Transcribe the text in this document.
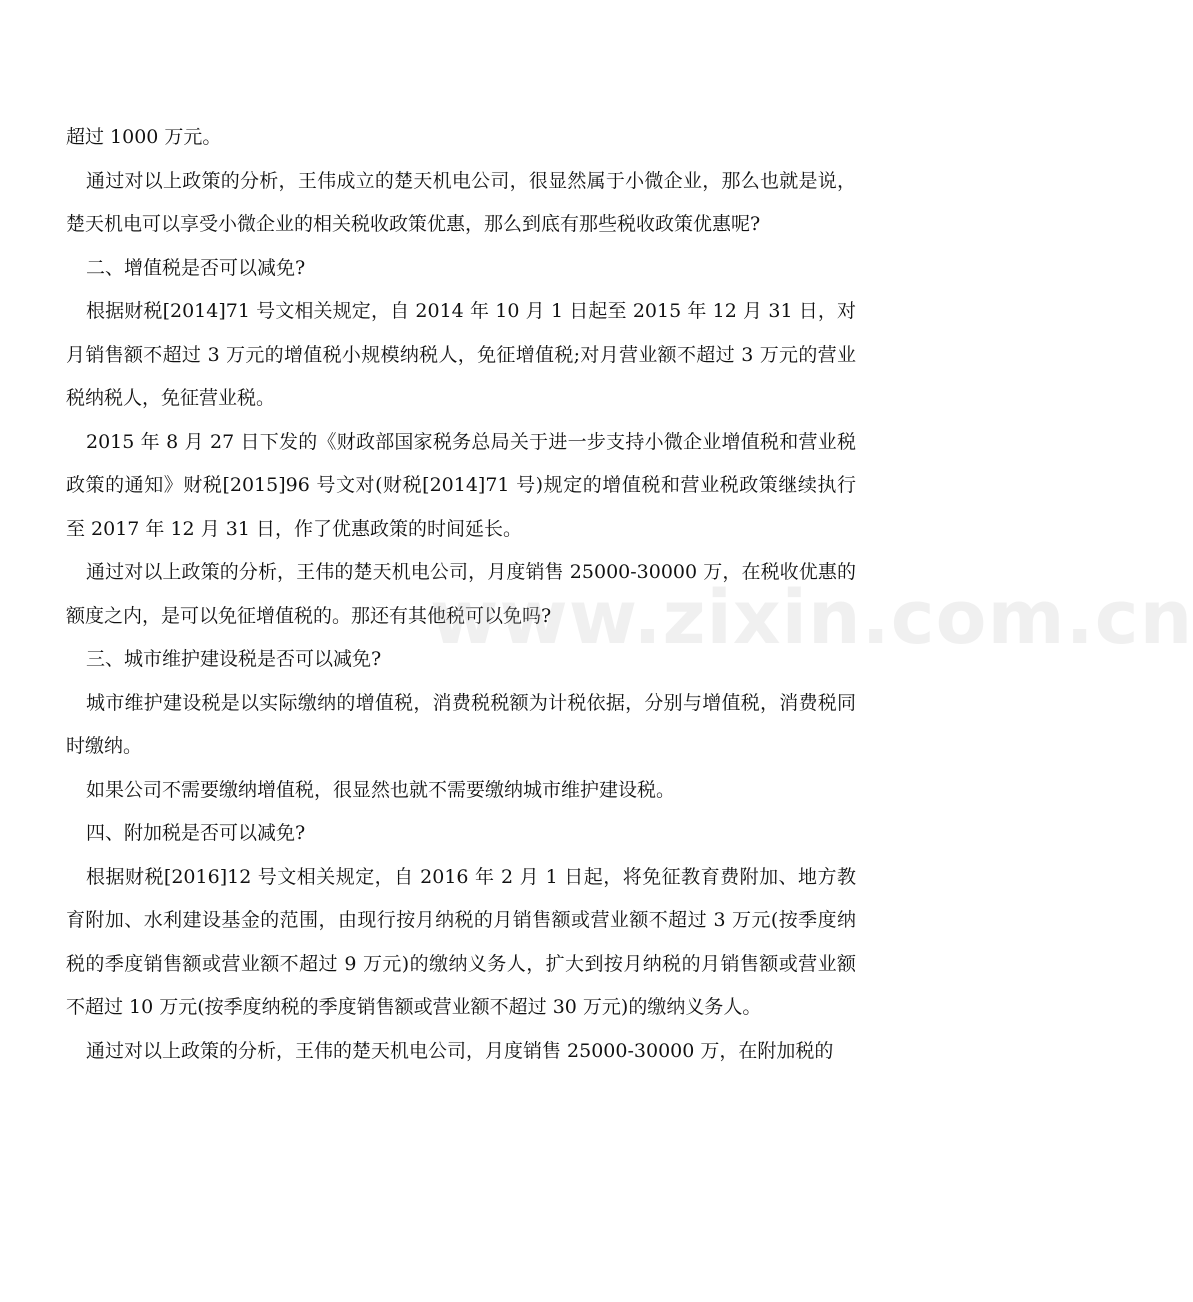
超过 1000 万元。

通过对以上政策的分析，王伟成立的楚天机电公司，很显然属于小微企业，那么也就是说，楚天机电可以享受小微企业的相关税收政策优惠，那么到底有那些税收政策优惠呢?

二、增值税是否可以减免?

根据财税[2014]71 号文相关规定，自 2014 年 10 月 1 日起至 2015 年 12 月 31 日，对月销售额不超过 3 万元的增值税小规模纳税人，免征增值税;对月营业额不超过 3 万元的营业税纳税人，免征营业税。

2015 年 8 月 27 日下发的《财政部国家税务总局关于进一步支持小微企业增值税和营业税政策的通知》财税[2015]96 号文对(财税[2014]71 号)规定的增值税和营业税政策继续执行至 2017 年 12 月 31 日，作了优惠政策的时间延长。

通过对以上政策的分析，王伟的楚天机电公司，月度销售 25000-30000 万，在税收优惠的额度之内，是可以免征增值税的。那还有其他税可以免吗?

三、城市维护建设税是否可以减免?

城市维护建设税是以实际缴纳的增值税，消费税税额为计税依据，分别与增值税，消费税同时缴纳。

如果公司不需要缴纳增值税，很显然也就不需要缴纳城市维护建设税。

四、附加税是否可以减免?

根据财税[2016]12 号文相关规定，自 2016 年 2 月 1 日起，将免征教育费附加、地方教育附加、水利建设基金的范围，由现行按月纳税的月销售额或营业额不超过 3 万元(按季度纳税的季度销售额或营业额不超过 9 万元)的缴纳义务人，扩大到按月纳税的月销售额或营业额不超过 10 万元(按季度纳税的季度销售额或营业额不超过 30 万元)的缴纳义务人。

通过对以上政策的分析，王伟的楚天机电公司，月度销售 25000-30000 万，在附加税的

www.zixin.com.cn
